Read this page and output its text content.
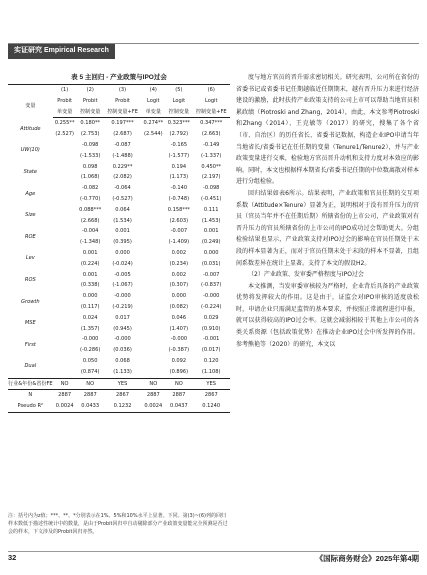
实证研究 Empirical Research
表 5 主回归 - 产业政策与IPO过会
	(1)	(2)	(3)	(4)	(5)	(6)
变量	Probit	Probit	Probit	Logit	Logit	Logit
	单变量	控制变量	控制变量+FE	单变量	控制变量	控制变量+FE
Attitude	0.255**	0.180**	0.197***	0.274**	0.323***	0.347***
	(2.527)	(2.753)	(2.687)	(2.544)	(2.792)	(2.663)
UW(10)		-0.098	-0.087		-0.165	-0.149
		(-1.533)	(-1.488)		(-1.577)	(-1.337)
State		0.098	0.229**		0.194	0.450**
		(1.068)	(2.082)		(1.173)	(2.197)
Age		-0.082	-0.064		-0.140	-0.098
		(-0.770)	(-0.527)		(-0.748)	(-0.451)
Size		0.088***	0.064		0.158***	0.111
		(2.668)	(1.534)		(2.603)	(1.453)
ROE		-0.004	0.001		-0.007	0.001
		(-1.348)	(0.395)		(-1.409)	(0.249)
Lev		0.001	0.000		0.002	0.000
		(0.224)	(-0.024)		(0.234)	(0.031)
ROS		0.001	-0.005		0.002	-0.007
		(0.338)	(-1.067)		(0.307)	(-0.837)
Growth		0.000	-0.000		0.000	-0.000
		(0.117)	(-0.219)		(0.082)	(-0.224)
MSE		0.024	0.017		0.046	0.029
		(1.357)	(0.945)		(1.407)	(0.910)
First		-0.000	-0.000		-0.000	-0.001
		(-0.286)	(0.036)		(-0.387)	(0.017)
Dual		0.050	0.068		0.092	0.120
		(0.874)	(1.133)		(0.896)	(1.108)
行业&年份&省份FE	NO	NO	YES	NO	NO	YES
N	2887	2887	2867	2887	2887	2867
Pseudo R²	0.0024	0.0433	0.1232	0.0024	0.0437	0.1240
注：括号内为z值；***、**、*分别表示在1%、5%和10%水平上显著。下同。第(3)~(6)列的回归样本数低于描述性统计中的数量，是由于Probit回归中自动剔除部分产业政策变量能完全预测是否过会的样本，下文涉及的Probit回归亦然。

度与地方官员的晋升需求密切相关。研究表明，公司所在省份的省委书记或省委书记任期越临近任期期末，越有晋升压力来进行经济建设的激励，此时扶持产业政策支持的公司上市可以帮助当地官员积累政绩（Piotroski and Zhang，2014），由此，本文参考Piotroski 和Zhang（2014）、王克敏等（2017）的研究，搜集了各个省（市、自治区）的历任省长、省委书记数据，构造企业IPO申请当年当地省长/省委书记在任任期的变量（Tenure1/Tenure2），并与产业政策变量进行交乘，检验地方官员晋升动机和支持力度对本效应的影响。同时，本文也根据样本期省长/省委书记任期的中位数离散对样本进行分组检验。

回归结果如表6所示。结果表明，产业政策和官员任期的交互项系数（Attitude×Tenure）显著为正，说明相对于没有晋升压力的官员（官员当年并不在任期后期）所辖省份的上市公司，产业政策对有晋升压力的官员所辖省份的上市公司的IPO成功过会帮助更大。分组检验结果也显示，产业政策支持对IPO过会的影响在官员任期处于末段的样本显著为正，而对于官员任期未处于末段的样本不显著，且组间系数差异在统计上显著。支持了本文的假设H2。

（2）产业政策、发审委严格程度与IPO过会

本文推测，当发审委审核较为严格时，企业背后具备的产业政策优势将发挥较大的作用。这是由于，证监会对IPO审核的适度放松时，申请企业只需满足监管的基本要求，并按照正常流程进行申报，就可以获得较高的IPO过会率。这就会减弱相较于其他上市公司的各类关系资源（包括政策优势）在推动企业IPO过会中所发挥的作用。参考熊艳等（2020）的研究，本文以

32	《国际商务财会》2025年第4期
